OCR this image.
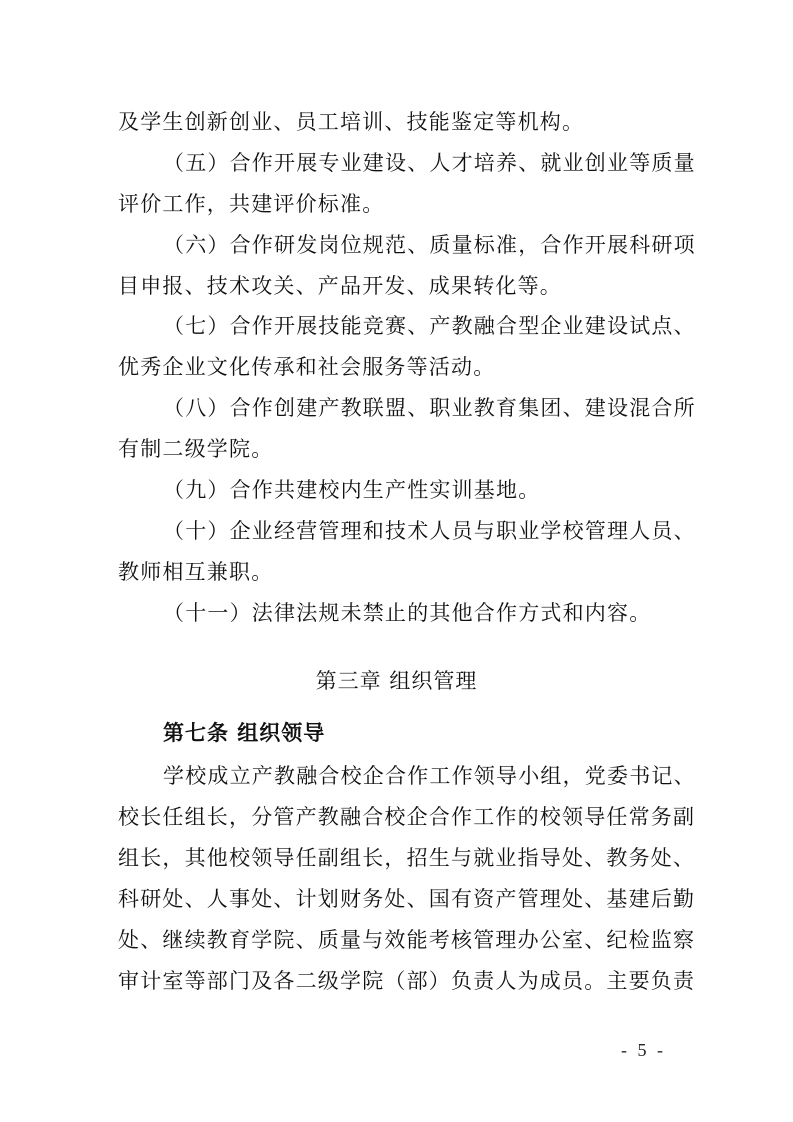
及学生创新创业、员工培训、技能鉴定等机构。
（五）合作开展专业建设、人才培养、就业创业等质量
评价工作，共建评价标准。
（六）合作研发岗位规范、质量标准，合作开展科研项
目申报、技术攻关、产品开发、成果转化等。
（七）合作开展技能竞赛、产教融合型企业建设试点、
优秀企业文化传承和社会服务等活动。
（八）合作创建产教联盟、职业教育集团、建设混合所
有制二级学院。
（九）合作共建校内生产性实训基地。
（十）企业经营管理和技术人员与职业学校管理人员、
教师相互兼职。
（十一）法律法规未禁止的其他合作方式和内容。
第三章 组织管理
第七条 组织领导
学校成立产教融合校企合作工作领导小组，党委书记、
校长任组长，分管产教融合校企合作工作的校领导任常务副
组长，其他校领导任副组长，招生与就业指导处、教务处、
科研处、人事处、计划财务处、国有资产管理处、基建后勤
处、继续教育学院、质量与效能考核管理办公室、纪检监察
审计室等部门及各二级学院（部）负责人为成员。主要负责
- 5 -
